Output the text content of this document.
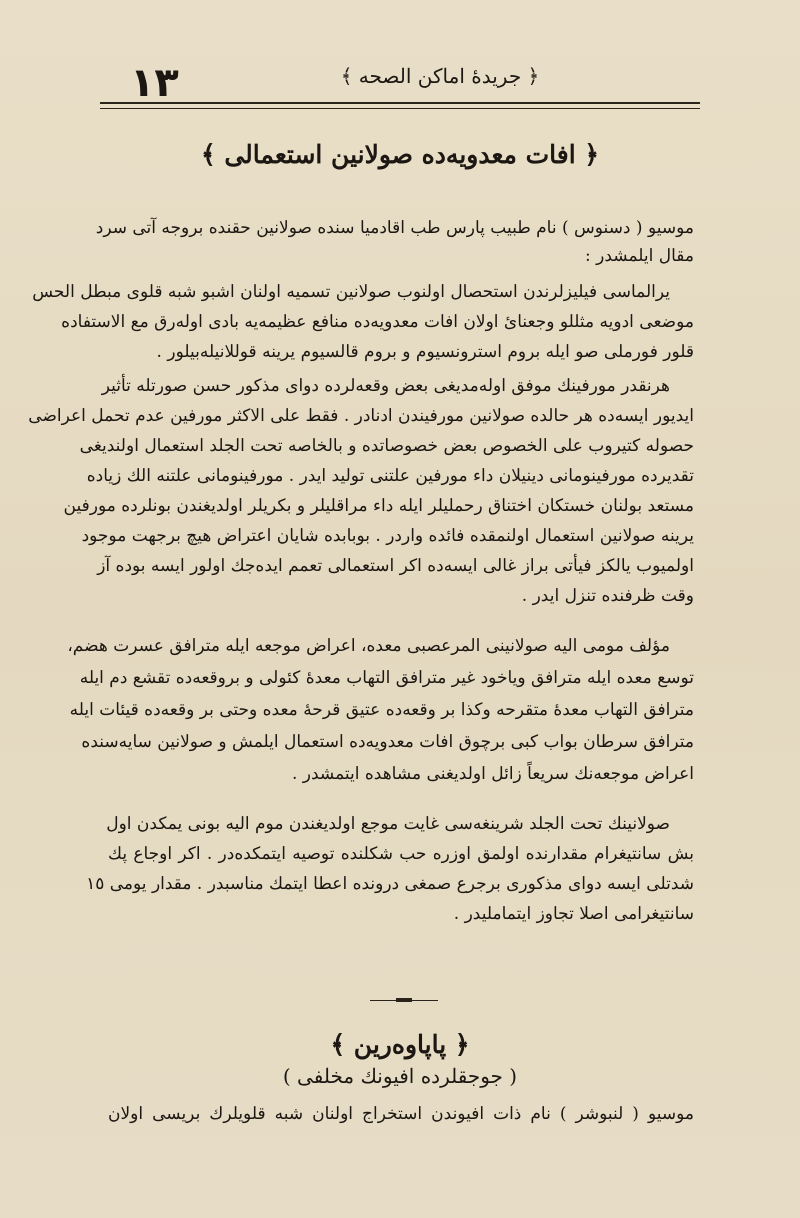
١٣	﴿ جريدهٔ اماكن الصحه ﴾
﴿ افات معدويه‌ده صولانين استعمالى ﴾
موسيو ( دسنوس ) نام طبيب پارس طب اقادميا سنده صولانين حقنده بروجه آتى سرد
مقال ايلمشدر :
يرالماسى فيليزلرندن استحصال اولنوب صولانين تسميه اولنان اشبو شبه قلوى مبطل الحس
موضعى ادويه مثللو وجعنائ اولان افات معدويه‌ده منافع عظيمه‌يه بادى اوله‌رق مع الاستفاده
قلور فورملى صو ايله بروم استرونسيوم و بروم قالسيوم يرينه قوللانيله‌بيلور .
هرنقدر مورفينك موفق اوله‌مديغى بعض وقعه‌لرده دواى مذكور حسن صورتله تأثير
ايديور ايسه‌ده هر حالده صولانين مورفيندن ادنادر . فقط على الاكثر مورفين عدم تحمل اعراضى
حصوله كتيروب على الخصوص بعض خصوصاتده و بالخاصه تحت الجلد استعمال اولنديغى
تقديرده مورفينومانى دينيلان داء مورفين علتنى توليد ايدر . مورفينومانى علتنه الك زياده
مستعد بولنان خستكان اختناق رحمليلر ايله داء مراقليلر و بكريلر اولديغندن بونلرده مورفين
يرينه صولانين استعمال اولنمقده فائده واردر . بوبابده شايان اعتراض هيچ برجهت موجود
اولميوب يالكز فيأتى براز غالى ايسه‌ده اكر استعمالى تعمم ايده‌جك اولور ايسه بوده آز
وقت ظرفنده تنزل ايدر .
مؤلف مومى اليه صولانينى المرعصبى معده، اعراض موجعه ايله مترافق عسرت هضم،
توسع معده ايله مترافق وياخود غير مترافق التهاب معدهٔ كئولى و بروقعه‌ده تقشع دم ايله
مترافق التهاب معدهٔ متقرحه وكذا بر وقعه‌ده عتيق قرحهٔ معده وحتى بر وقعه‌ده قيئات ايله
مترافق سرطان بواب كبى برچوق افات معدويه‌ده استعمال ايلمش و صولانين سايه‌سنده
اعراض موجعه‌نك سريعاً زائل اولديغنى مشاهده ايتمشدر .
صولانينك تحت الجلد شرينغه‌سى غايت موجع اولديغندن موم اليه بونى يمكدن اول
بش سانتيغرام مقدارنده اولمق اوزره حب شكلنده توصيه ايتمكده‌در . اكر اوجاع پك
شدتلى ايسه دواى مذكورى برجرع صمغى درونده اعطا ايتمك مناسبدر . مقدار يومى ١٥
سانتيغرامى اصلا تجاوز ايتمامليدر .
﴿ پاپاوه‌رين ﴾
( جوجقلرده افيونك مخلفى )
موسيو ( لنبوشر ) نام ذات افيوندن استخراج اولنان شبه قلويلرك بريسى اولان
